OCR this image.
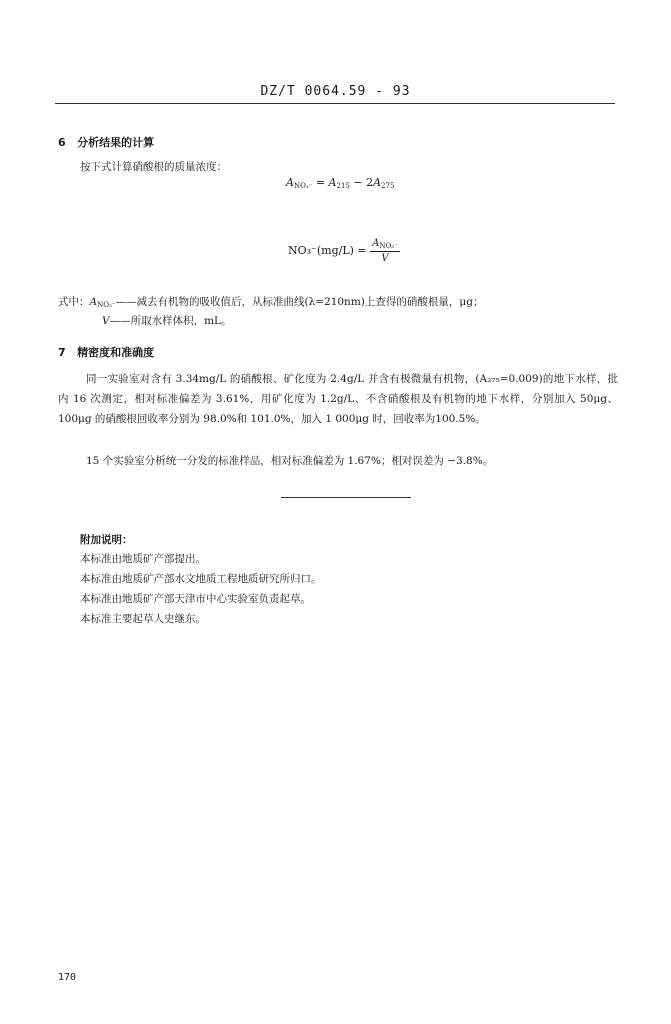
DZ/T 0064.59 - 93
6 分析结果的计算
按下式计算硝酸根的质量浓度：
$A_{NO_3^-} = A_{215} - 2A_{275}$
$NO_3^-(mg/L) = \frac{A_{NO_3^-}}{V}$
式中：$A_{NO_3^-}——$减去有机物的吸收值后，从标准曲线(λ=210nm)上查得的硝酸根量，μg；
V——所取水样体积，mL。
7 精密度和准确度
同一实验室对含有 3.34mg/L 的硝酸根、矿化度为 2.4g/L 并含有极微量有机物，(A₂₇₅=0.009)的地下水样，批内 16 次测定，相对标准偏差为 3.61%，用矿化度为 1.2g/L、不含硝酸根及有机物的地下水样，分别加入 50μg、100μg 的硝酸根回收率分别为 98.0%和 101.0%，加入 1 000μg 时，回收率为100.5%。
15 个实验室分析统一分发的标准样品，相对标准偏差为 1.67%；相对误差为 −3.8%。
附加说明：
本标准由地质矿产部提出。
本标准由地质矿产部水文地质工程地质研究所归口。
本标准由地质矿产部天津市中心实验室负责起草。
本标准主要起草人史继东。
170
